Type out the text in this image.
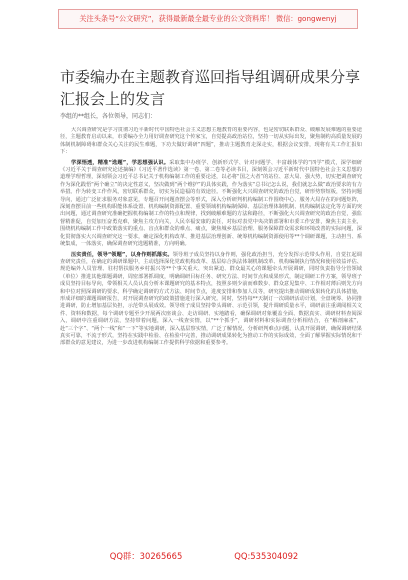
关注头条号“公文研究”，获得最新最全最专业的公文资料库！ 微信：gongwenyj
市委编办在主题教育巡回指导组调研成果分享汇报会上的发言

李组的**组长，各位领导，同志们：

大兴调查研究是学习贯彻习近平新时代中国特色社会主义思想主题教育的重要内容，也是密切联系群众、破解发展难题的重要途径，主题教育启动以来，市委编办全力用好调查研究这个传家宝，自觉提高政治站位，坚持一切从实际出发，聚焦制约高质量发展的体制机制障碍和群众关心关注的民生难题，下功夫做好调研“四题”，推动主题教育走深走实，根据会议安排，现将有关工作汇报如下：

学深悟透，精准“选题”，学思想强认识。采取集中办班学、创新形式学、针对问题学、丰富载体学的“四学”模式，深学细研《习近平关于调查研究论述摘编》《习近平著作选读》第一卷、第二卷等必读书目，深刻领会习近平新时代中国特色社会主义思想的道理学理哲理，深刻领会习近平总书记关于机构编制工作的重要论述，以必将“国之大者”的站位、意大局、强大势，切实把调查研究作为深化践悟“两个确立”的决定性意义，坚决做到“两个维护”的具体实践，作为落实“总书记怎么说，我们就怎么做”政治要求的有力举措。作为转变工作作风，密切联系群众，切实为民造福的有效途径。不断强化大兴调查研究的政治自觉，研形势察短板，坚持问题导向，通过广泛征求服务对象意见，专题召开问题查摆会等形式，深入分析研判机构编制工作围绕中心、服务大局存在的问题矩阵，深刻查摆目前一些机构职能体系设置、机构编制资源配置、重要领域机构编制保障、基层治理体制机制、机构编制法定化等方面的突出问题，通过调查研究准确把握机构编制工作的特点和规律，找到破解难题的方法和路径，不断强化大兴调查研究的政治自觉，强监督精准促，自觉加压奋勇克难，聚焦主攻方向关，人民幸福安康的责任，对标对表党中央决策部署和市委工作安排，聚焦主责主业，围绕机构编制工作中政策落实的重点、盲点和群众的难点、痛点，聚焦城乡基层治理、服务保障群众需求和环境改善的实际问题，深化贯彻落实大兴调查研究这一要求，确定深化机构改革、推进基层治理创新、统筹机构编制资源使用等**个调研课题，主动担当、系统集成，一体落实，确保调查研究选题精准，方向明确。

压实责任，领导“领题”，以身作则抓落实。领导班子成员坚持以身作则，强化政治担当，充分发挥示范带头作用，自觉扛起调查研究责任，在确定的调研课题中，主动选择深化党政机构改革、基层综合执法体制机制改革、机构编制执行情况和使用效益评估、规范编外人员管理、驻村帮扶服务乡村振兴等**个事关重大、突出紧迫、群众最关心的课题牵头开展调研，同时负责指导分管领域（单位）推进其他课题调研，周密部署抓调度，明确调研目标任务、研究方法、时间节点和成果形式，制定调研工作方案，领导班子成员坚持目标导向，带领相关人员认真分析本课题研究的基本特点，按照多则少前而难数步、群众意见集中、工作相对薄后则先方向和中位对照深调研的要求，科学确定调研的方式方法、时间节点，进度安排和参加人员等，研究提出推动调研成果转化的具体措施，形成详细的课题调研报告，对开展调查研究的政策措施进行深入研究。同时，坚持每**天制订一次调研活动计划，全盘统筹、协同推进调研，防止增加基层负担，示范带头展成效。领导班子成员坚持带头调研、示范引领，提升调研质量水平，调研前注重调阅相关文件、资料和数据，每个调研专题至少开展两次座谈会、走访调研、实地踏看，确保调研对象覆盖全面、数据真实、调研材料查阅深入，调研中注重调研方法，坚持带着问题，深入一线查实情，以“**个抓手”，调研材料和实际调查分析相结合，在“解剖麻雀”，赴“三个字”、“两个一线”和“一下”等实地调研，深入基层察实情，广泛了解情况，分析研判难点问题，认真开展调研，确保调研结果真实可靠，不流于形式，坚持在实践中检验、在检验中完善，推动调研成果转化为推动工作的实际成效，全面了解掌握实际情况和干部群众的意见建议，为进一步改进机构编制工作提供科学依据和重要参考。

QQ群：30265665	QQ:535304092
